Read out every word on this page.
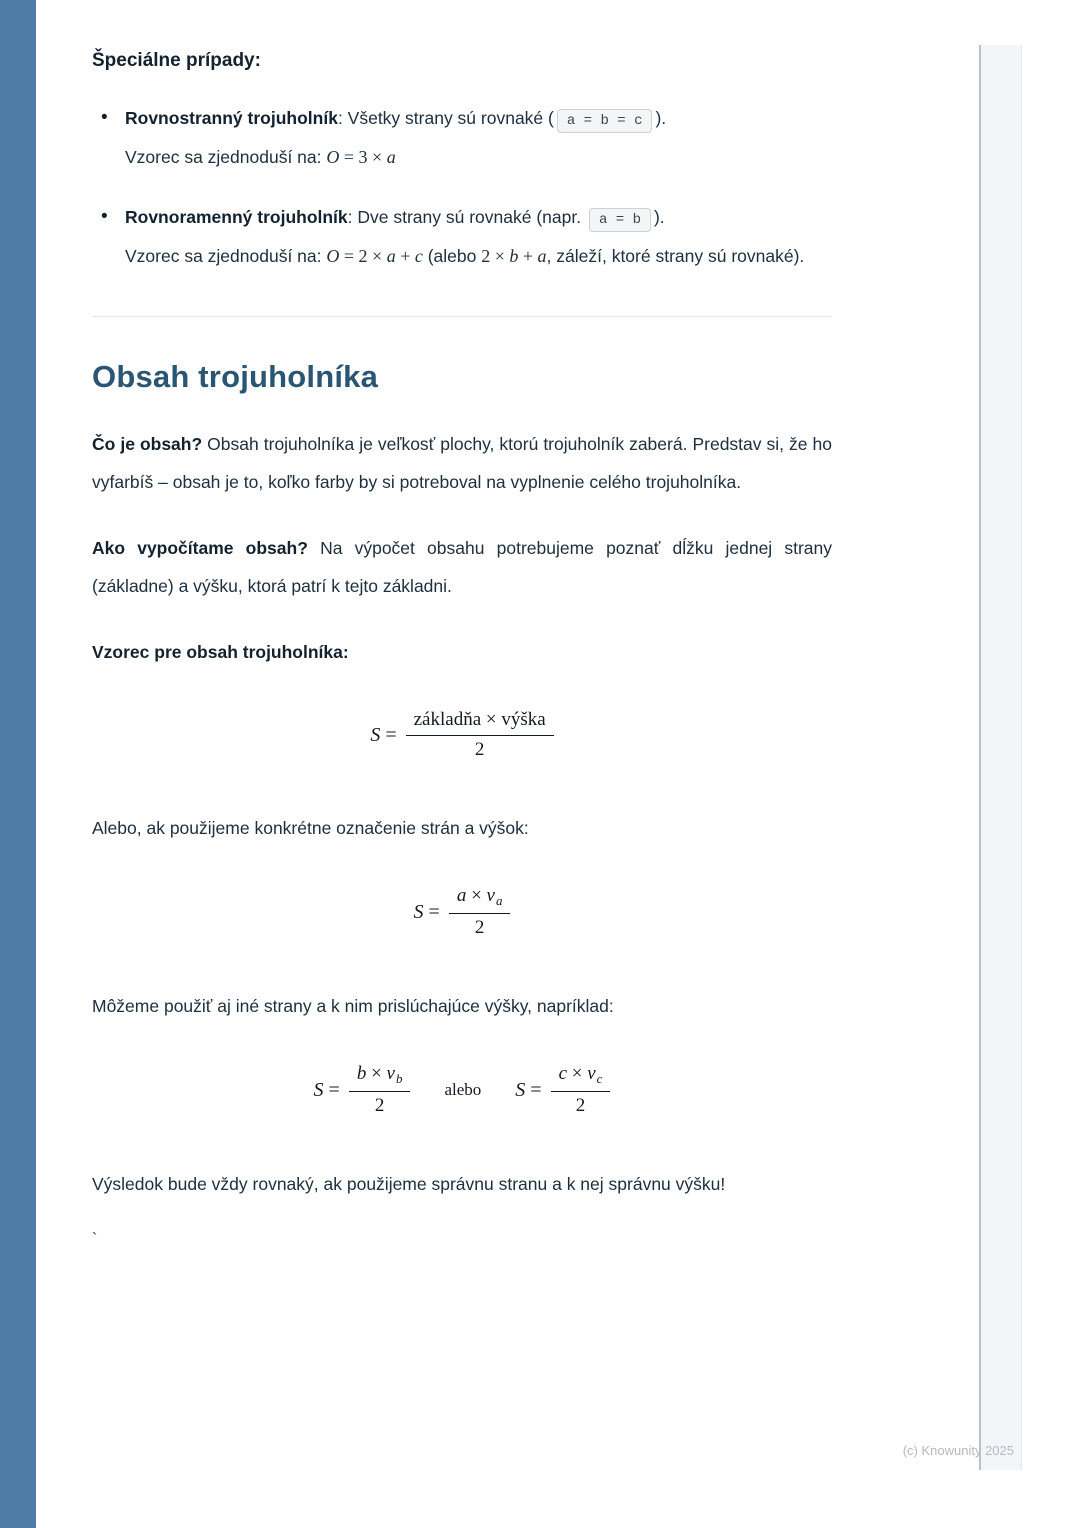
Špeciálne prípady:
• Rovnostranný trojuholník: Všetky strany sú rovnaké ( a = b = c ).
Vzorec sa zjednoduší na: O = 3 × a
• Rovnoramenný trojuholník: Dve strany sú rovnaké (napr. a = b ).
Vzorec sa zjednoduší na: O = 2 × a + c (alebo 2 × b + a, záleží, ktoré strany sú rovnaké).
Obsah trojuholníka

Čo je obsah? Obsah trojuholníka je veľkosť plochy, ktorú trojuholník zaberá. Predstav si, že ho vyfarbíš – obsah je to, koľko farby by si potreboval na vyplnenie celého trojuholníka.

Ako vypočítame obsah? Na výpočet obsahu potrebujeme poznať dĺžku jednej strany (základne) a výšku, ktorá patrí k tejto základni.

Vzorec pre obsah trojuholníka:

$S = \frac{\text{základňa × výška}}{2}$

Alebo, ak použijeme konkrétne označenie strán a výšok:

$S = \frac{a \times v_a}{2}$

Môžeme použiť aj iné strany a k nim prislúchajúce výšky, napríklad:

$S = \frac{b \times v_b}{2}$ alebo $S = \frac{c \times v_c}{2}$

Výsledok bude vždy rovnaký, ak použijeme správnu stranu a k nej správnu výšku!

`
(c) Knowunity 2025
